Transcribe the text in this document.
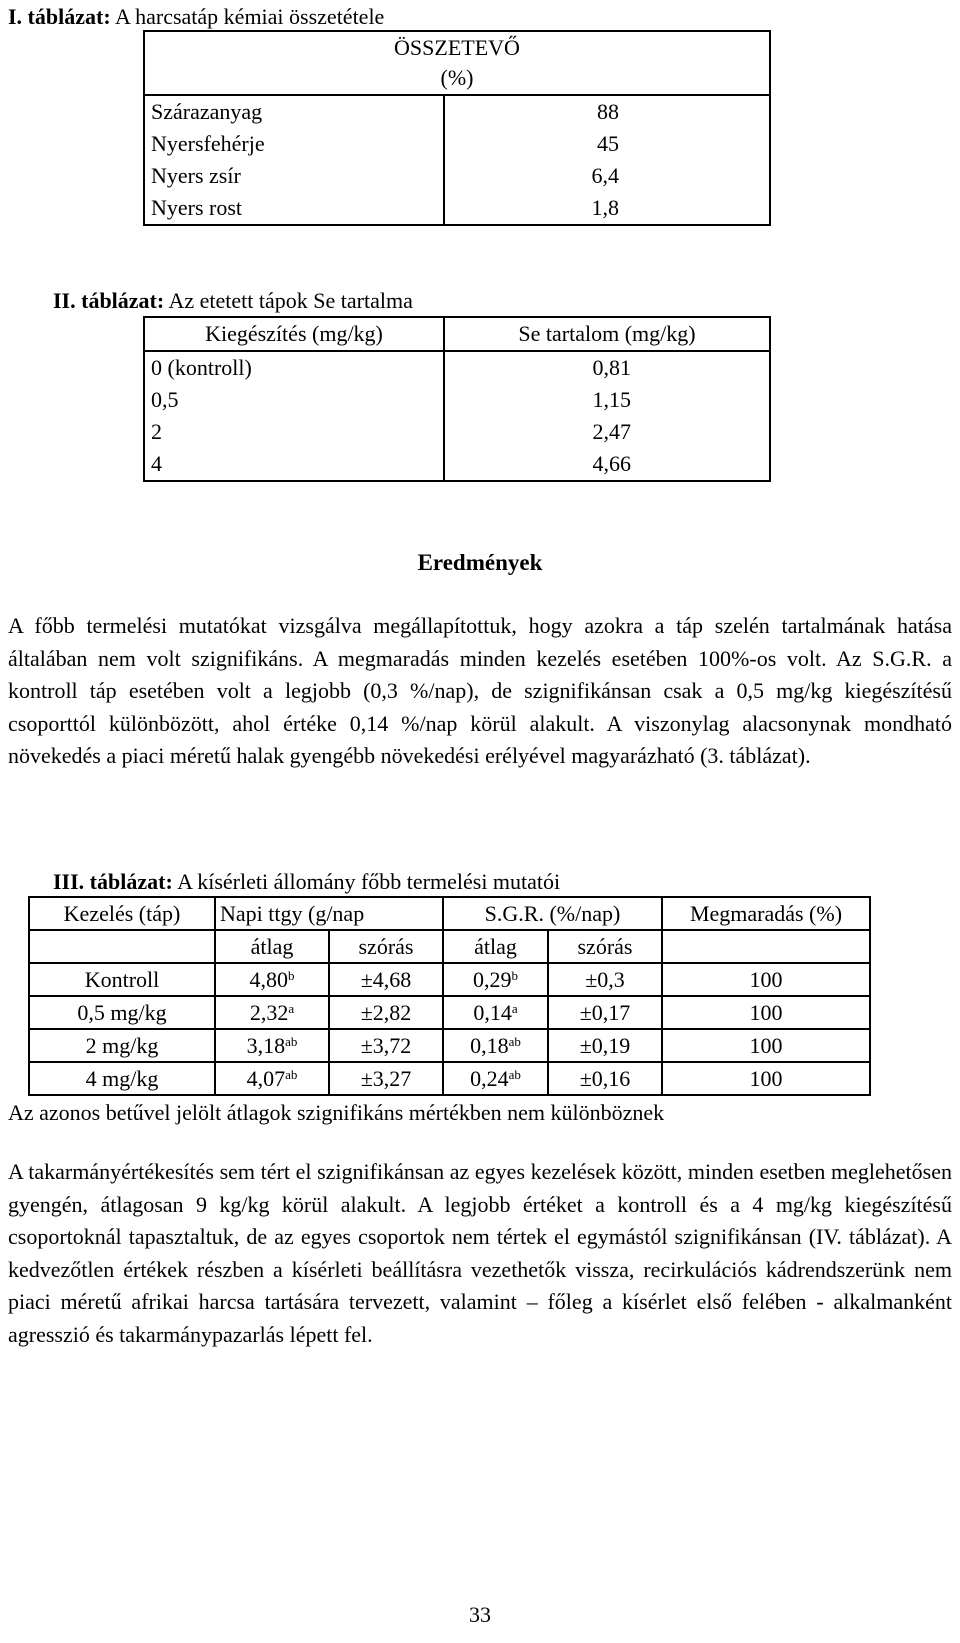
I. táblázat: A harcsatáp kémiai összetétele
ÖSSZETEVŐ
(%)	

Szárazanyag	88
Nyersfehérje	45
Nyers zsír	6,4
Nyers rost	1,8
II. táblázat: Az etetett tápok Se tartalma
Kiegészítés (mg/kg)	Se tartalom (mg/kg)
0 (kontroll)	0,81
0,5	1,15
2	2,47
4	4,66
Eredmények
A főbb termelési mutatókat vizsgálva megállapítottuk, hogy azokra a táp szelén tartalmának hatása általában nem volt szignifikáns. A megmaradás minden kezelés esetében 100%-os volt. Az S.G.R. a kontroll táp esetében volt a legjobb (0,3 %/nap), de szignifikánsan csak a 0,5 mg/kg kiegészítésű csoporttól különbözött, ahol értéke 0,14 %/nap körül alakult. A viszonylag alacsonynak mondható növekedés a piaci méretű halak gyengébb növekedési erélyével magyarázható (3. táblázat).
III. táblázat: A kísérleti állomány főbb termelési mutatói
Kezelés (táp)	Napi ttgy (g/nap		S.G.R. (%/nap)		Megmaradás (%)
	átlag	szórás	átlag	szórás	
Kontroll	4,80$^b$	±4,68	0,29$^b$	±0,3	100
0,5 mg/kg	2,32$^a$	±2,82	0,14$^a$	±0,17	100
2 mg/kg	3,18$^{ab}$	±3,72	0,18$^{ab}$	±0,19	100
4 mg/kg	4,07$^{ab}$	±3,27	0,24$^{ab}$	±0,16	100
Az azonos betűvel jelölt átlagok szignifikáns mértékben nem különböznek
A takarmányértékesítés sem tért el szignifikánsan az egyes kezelések között, minden esetben meglehetősen gyengén, átlagosan 9 kg/kg körül alakult. A legjobb értéket a kontroll és a 4 mg/kg kiegészítésű csoportoknál tapasztaltuk, de az egyes csoportok nem tértek el egymástól szignifikánsan (IV. táblázat). A kedvezőtlen értékek részben a kísérleti beállításra vezethetők vissza, recirkulációs kádrendszerünk nem piaci méretű afrikai harcsa tartására tervezett, valamint – főleg a kísérlet első felében - alkalmanként agresszió és takarmánypazarlás lépett fel.
33
